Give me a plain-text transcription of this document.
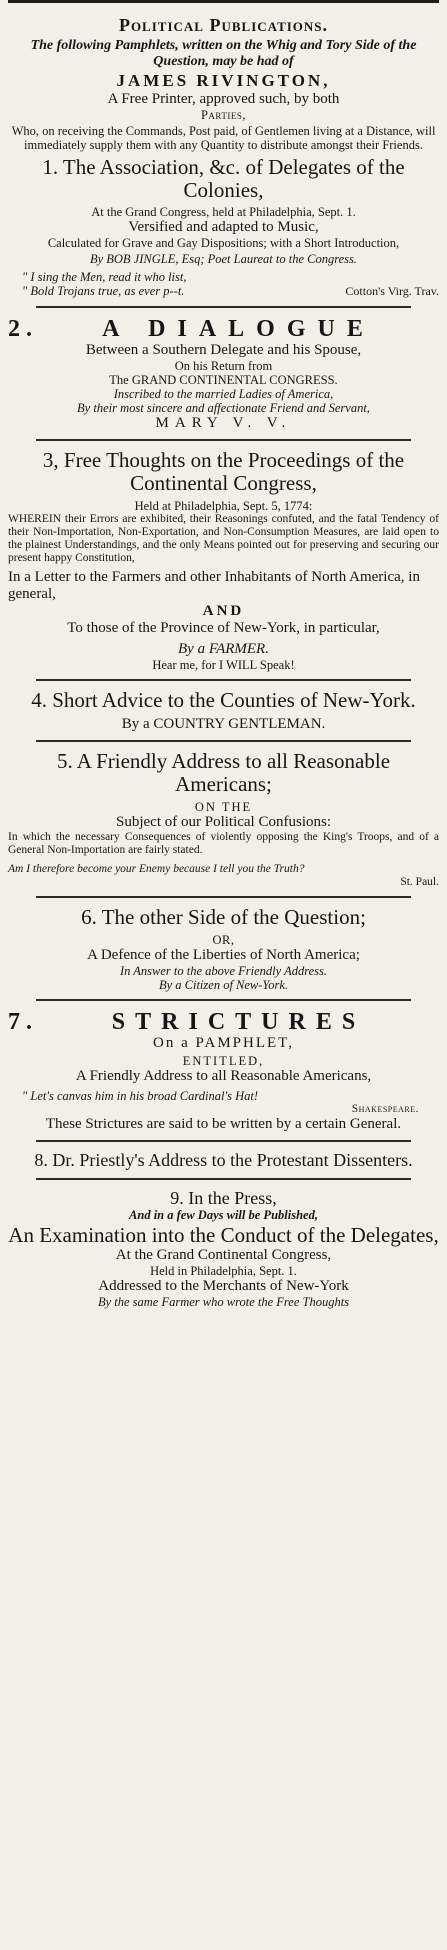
Political Publications.
The following Pamphlets, written on the Whig and Tory Side of the Question, may be had of
JAMES RIVINGTON,
A Free Printer, approved such, by both
Parties,
Who, on receiving the Commands, Post paid, of Gentlemen living at a Distance, will immediately supply them with any Quantity to distribute amongst their Friends.
1. The Association, &c. of Delegates of the Colonies,
At the Grand Congress, held at Philadelphia, Sept. 1.
Versified and adapted to Music,
Calculated for Grave and Gay Dispositions; with a Short Introduction,
By BOB JINGLE, Esq; Poet Laureat to the Congress.
" I sing the Men, read it who list,
" Bold Trojans true, as ever p--t.	Cotton's Virg. Trav.
2.	A DIALOGUE
Between a Southern Delegate and his Spouse,
On his Return from
The GRAND CONTINENTAL CONGRESS.
Inscribed to the married Ladies of America,
By their most sincere and affectionate Friend and Servant,
MARY V. V.
3, Free Thoughts on the Proceedings of the Continental Congress,
Held at Philadelphia, Sept. 5, 1774:
WHEREIN their Errors are exhibited, their Reasonings confuted, and the fatal Tendency of their Non-Importation, Non-Exportation, and Non-Consumption Measures, are laid open to the plainest Understandings, and the only Means pointed out for preserving and securing our present happy Constitution,
In a Letter to the Farmers and other Inhabitants of North America, in general,
AND
To those of the Province of New-York, in particular,
By a FARMER.
Hear me, for I WILL Speak!
4. Short Advice to the Counties of New-York.
By a COUNTRY GENTLEMAN.
5. A Friendly Address to all Reasonable Americans;
ON THE
Subject of our Political Confusions:
In which the necessary Consequences of violently opposing the King's Troops, and of a General Non-Importation are fairly stated.
Am I therefore become your Enemy because I tell you the Truth?
St. Paul.
6. The other Side of the Question;
OR,
A Defence of the Liberties of North America;
In Answer to the above Friendly Address.
By a Citizen of New-York.
7.	STRICTURES
On a PAMPHLET,
ENTITLED,
A Friendly Address to all Reasonable Americans,
" Let's canvas him in his broad Cardinal's Hat!
Shakespeare.
These Strictures are said to be written by a certain General.
8. Dr. Priestly's Address to the Protestant Dissenters.
9. In the Press,
And in a few Days will be Published,
An Examination into the Conduct of the Delegates,
At the Grand Continental Congress,
Held in Philadelphia, Sept. 1.
Addressed to the Merchants of New-York
By the same Farmer who wrote the Free Thoughts
